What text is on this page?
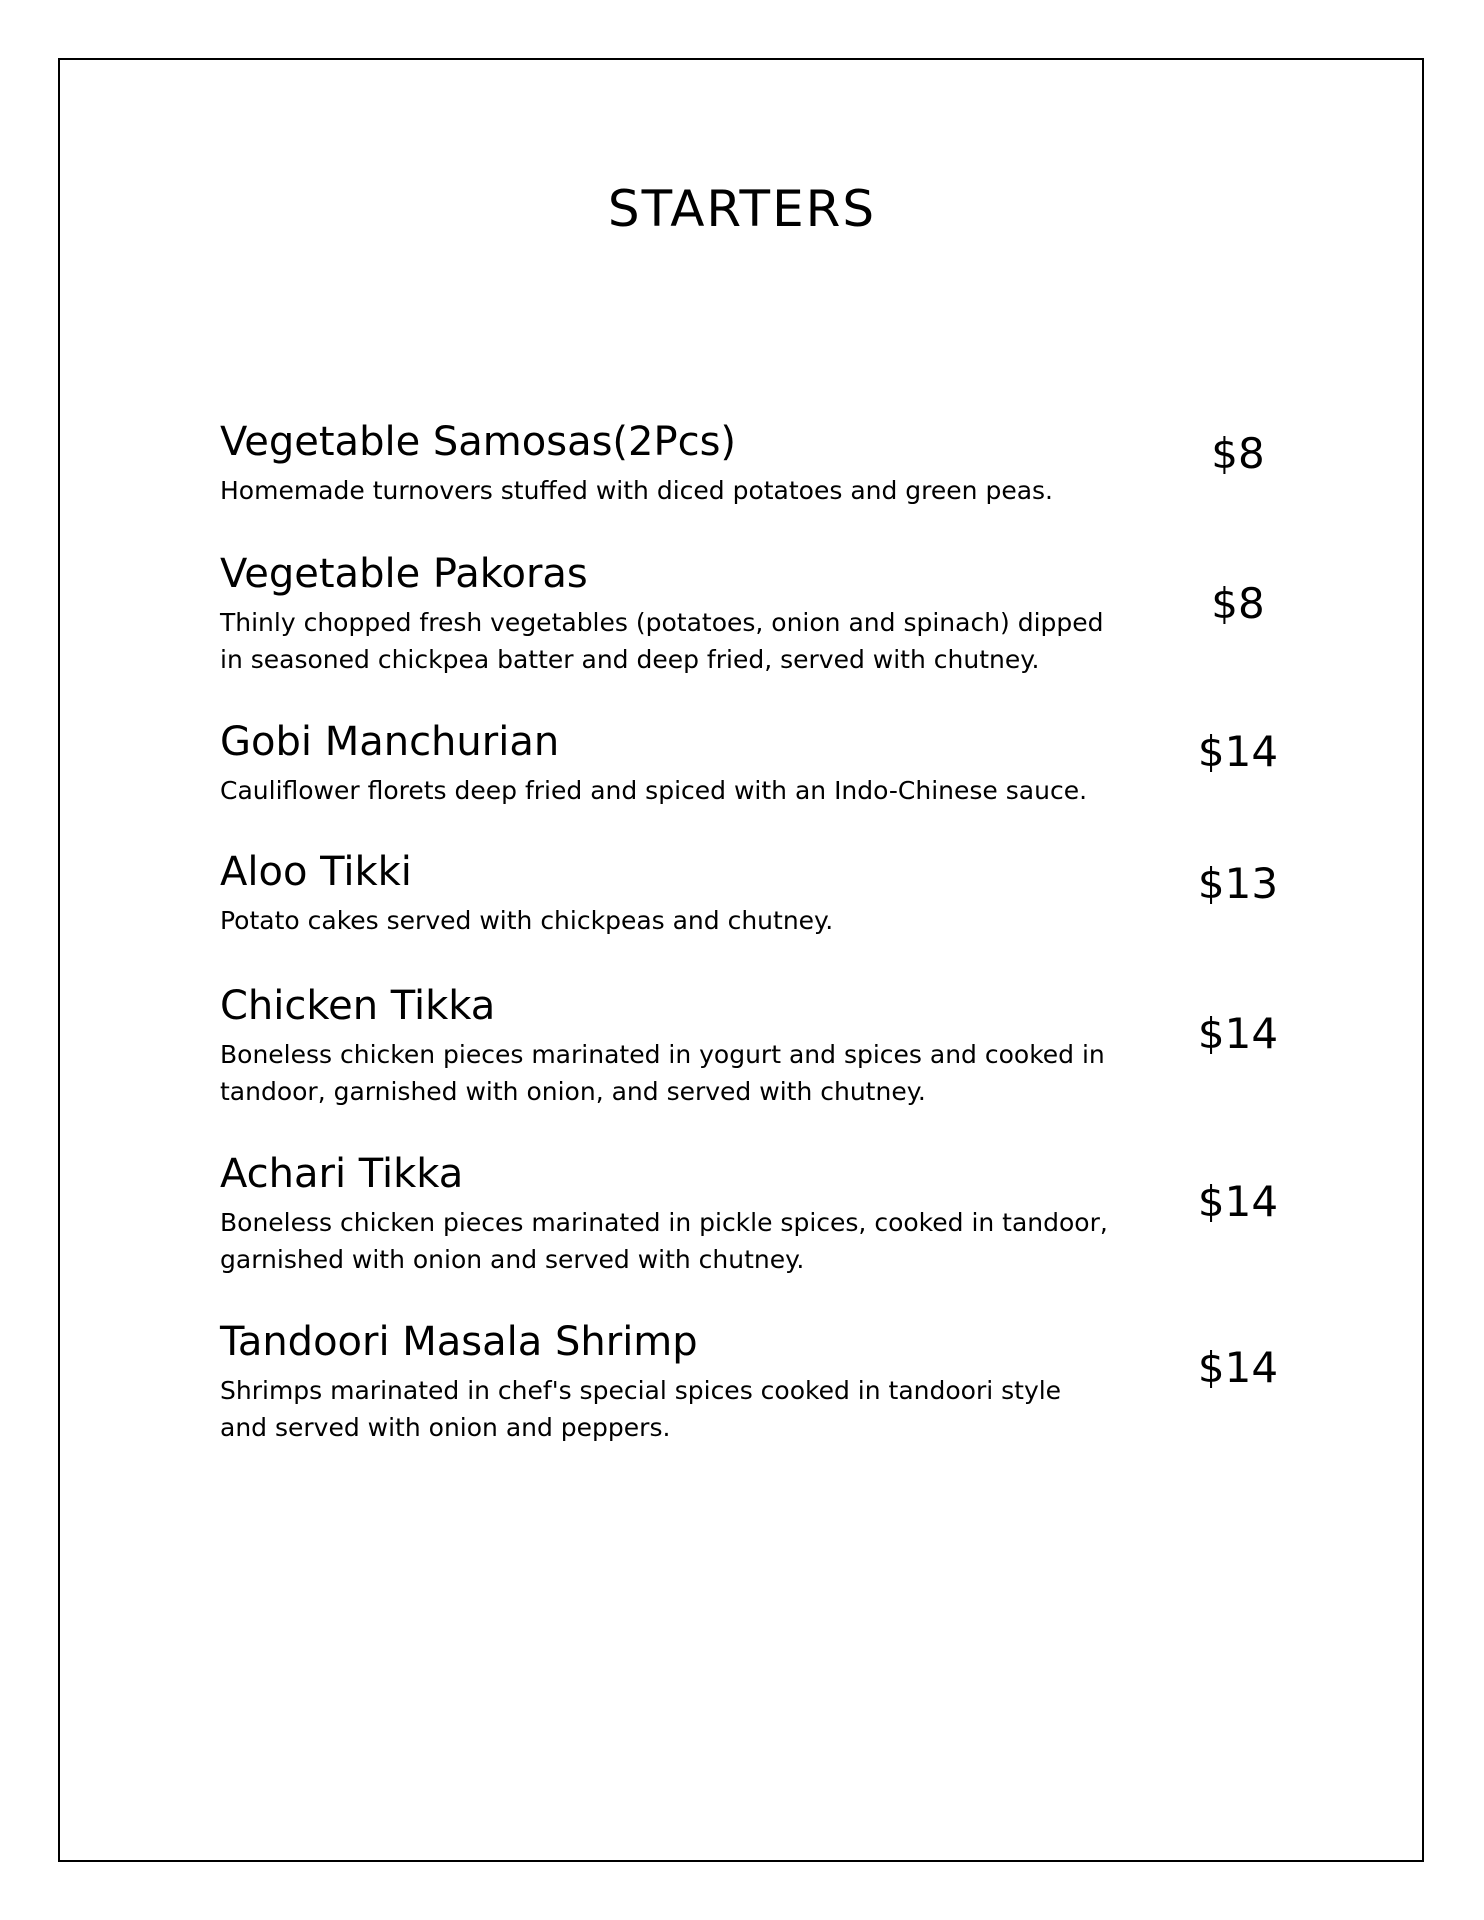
STARTERS

Vegetable Samosas(2Pcs)

Homemade turnovers stuffed with diced potatoes and green peas.

$8

Vegetable Pakoras

Thinly chopped fresh vegetables (potatoes, onion and spinach) dipped in seasoned chickpea batter and deep fried, served with chutney.

$8

Gobi Manchurian

Cauliflower florets deep fried and spiced with an Indo-Chinese sauce.

$14

Aloo Tikki

Potato cakes served with chickpeas and chutney.

$13

Chicken Tikka

Boneless chicken pieces marinated in yogurt and spices and cooked in tandoor, garnished with onion, and served with chutney.

$14

Achari Tikka

Boneless chicken pieces marinated in pickle spices, cooked in tandoor, garnished with onion and served with chutney.

$14

Tandoori Masala Shrimp

Shrimps marinated in chef's special spices cooked in tandoori style and served with onion and peppers.

$14
